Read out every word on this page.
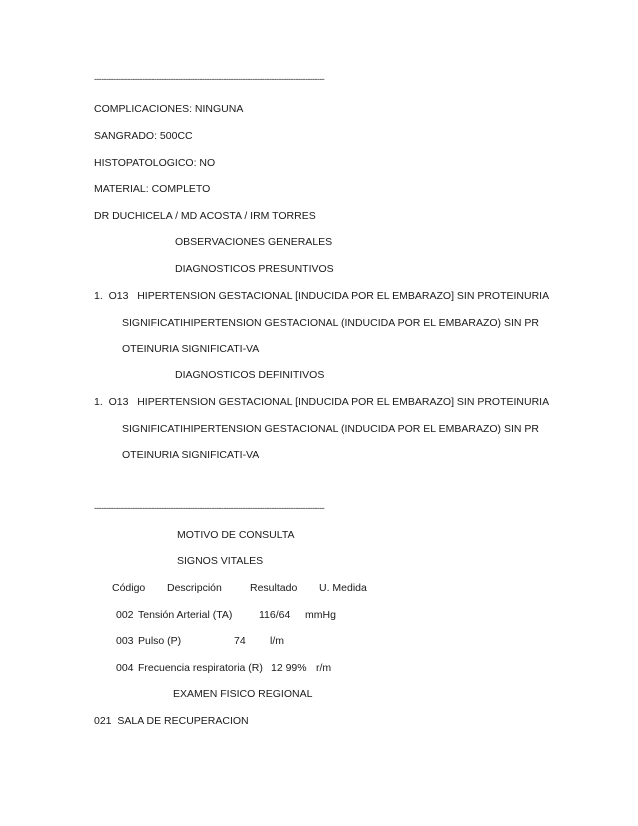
------------------------------------------------------------------------------------------------
COMPLICACIONES: NINGUNA
SANGRADO: 500CC
HISTOPATOLOGICO: NO
MATERIAL: COMPLETO
DR DUCHICELA / MD ACOSTA / IRM TORRES
OBSERVACIONES GENERALES
DIAGNOSTICOS PRESUNTIVOS
1.  O13   HIPERTENSION GESTACIONAL [INDUCIDA POR EL EMBARAZO] SIN PROTEINURIA
SIGNIFICATIHIPERTENSION GESTACIONAL (INDUCIDA POR EL EMBARAZO) SIN PR
OTEINURIA SIGNIFICATI-VA
DIAGNOSTICOS DEFINITIVOS
1.  O13   HIPERTENSION GESTACIONAL [INDUCIDA POR EL EMBARAZO] SIN PROTEINURIA
SIGNIFICATIHIPERTENSION GESTACIONAL (INDUCIDA POR EL EMBARAZO) SIN PR
OTEINURIA SIGNIFICATI-VA
------------------------------------------------------------------------------------------------
MOTIVO DE CONSULTA
SIGNOS VITALES
Código Descripción	Resultado U. Medida
002 Tensión Arterial (TA)	116/64 mmHg
003 Pulso (P)	74 l/m
004 Frecuencia respiratoria (R) 12 99% r/m
EXAMEN FISICO REGIONAL
021  SALA DE RECUPERACION
